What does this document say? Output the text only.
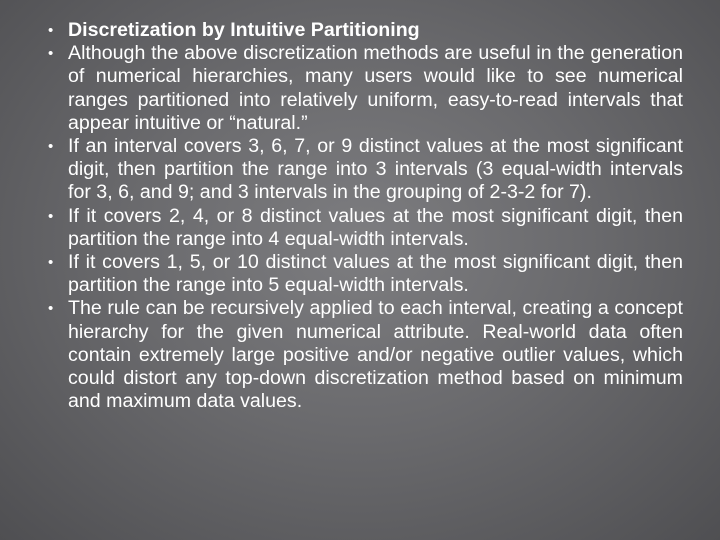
• Discretization by Intuitive Partitioning
• Although the above discretization methods are useful in the generation of numerical hierarchies, many users would like to see numerical ranges partitioned into relatively uniform, easy-to-read intervals that appear intuitive or “natural.”
• If an interval covers 3, 6, 7, or 9 distinct values at the most significant digit, then partition the range into 3 intervals (3 equal-width intervals for 3, 6, and 9; and 3 intervals in the grouping of 2-3-2 for 7).
• If it covers 2, 4, or 8 distinct values at the most significant digit, then partition the range into 4 equal-width intervals.
• If it covers 1, 5, or 10 distinct values at the most significant digit, then partition the range into 5 equal-width intervals.
• The rule can be recursively applied to each interval, creating a concept hierarchy for the given numerical attribute. Real-world data often contain extremely large positive and/or negative outlier values, which could distort any top-down discretization method based on minimum and maximum data values.
